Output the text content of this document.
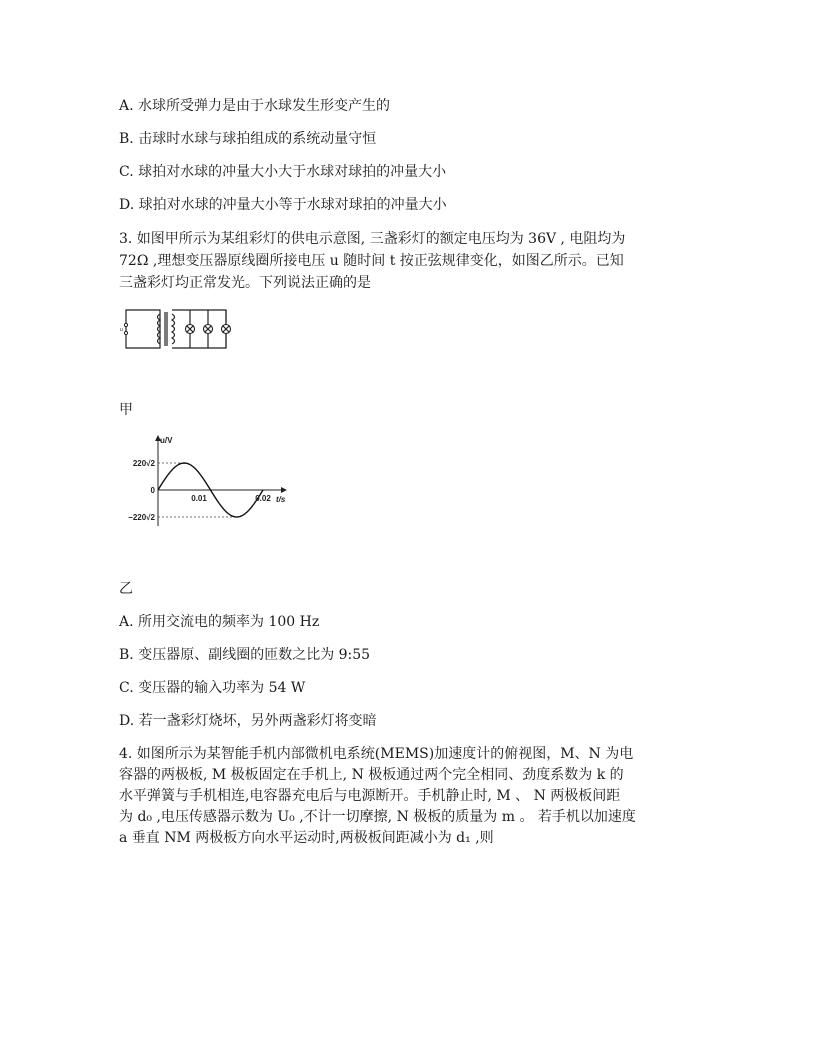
A. 水球所受弹力是由于水球发生形变产生的
B. 击球时水球与球拍组成的系统动量守恒
C. 球拍对水球的冲量大小大于水球对球拍的冲量大小
D. 球拍对水球的冲量大小等于水球对球拍的冲量大小
3. 如图甲所示为某组彩灯的供电示意图, 三盏彩灯的额定电压均为 36V , 电阻均为
72Ω ,理想变压器原线圈所接电压 u 随时间 t 按正弦规律变化，如图乙所示。已知
三盏彩灯均正常发光。下列说法正确的是
u
甲
u/V
t/s
0
220√2
−220√2
0.01	0.02
乙
A. 所用交流电的频率为 100 Hz
B. 变压器原、副线圈的匝数之比为 9:55
C. 变压器的输入功率为 54 W
D. 若一盏彩灯烧坏，另外两盏彩灯将变暗
4. 如图所示为某智能手机内部微机电系统(MEMS)加速度计的俯视图，M、N 为电
容器的两极板, M 极板固定在手机上, N 极板通过两个完全相同、劲度系数为 k 的
水平弹簧与手机相连,电容器充电后与电源断开。手机静止时, M 、 N 两极板间距
为 d₀ ,电压传感器示数为 U₀ ,不计一切摩擦, N 极板的质量为 m 。 若手机以加速度
a 垂直 NM 两极板方向水平运动时,两极板间距减小为 d₁ ,则
